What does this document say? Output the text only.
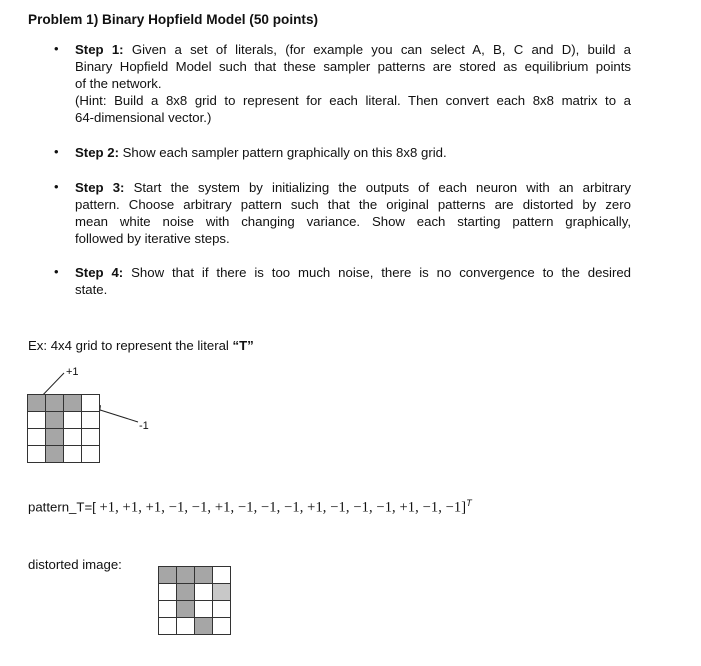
Problem 1) Binary Hopfield Model (50 points)
• Step 1: Given a set of literals, (for example you can select A, B, C and D), build a
Binary Hopfield Model such that these sampler patterns are stored as equilibrium points
of the network.
(Hint: Build a 8x8 grid to represent for each literal. Then convert each 8x8 matrix to a
64-dimensional vector.)
• Step 2: Show each sampler pattern graphically on this 8x8 grid.
• Step 3: Start the system by initializing the outputs of each neuron with an arbitrary
pattern. Choose arbitrary pattern such that the original patterns are distorted by zero
mean white noise with changing variance. Show each starting pattern graphically,
followed by iterative steps.
• Step 4: Show that if there is too much noise, there is no convergence to the desired
state.
Ex: 4x4 grid to represent the literal “T”
+1
-1

pattern_T=[ +1, +1, +1, −1, −1, +1, −1, −1, −1, +1, −1, −1, −1, +1, −1, −1]$^T$
distorted image:
